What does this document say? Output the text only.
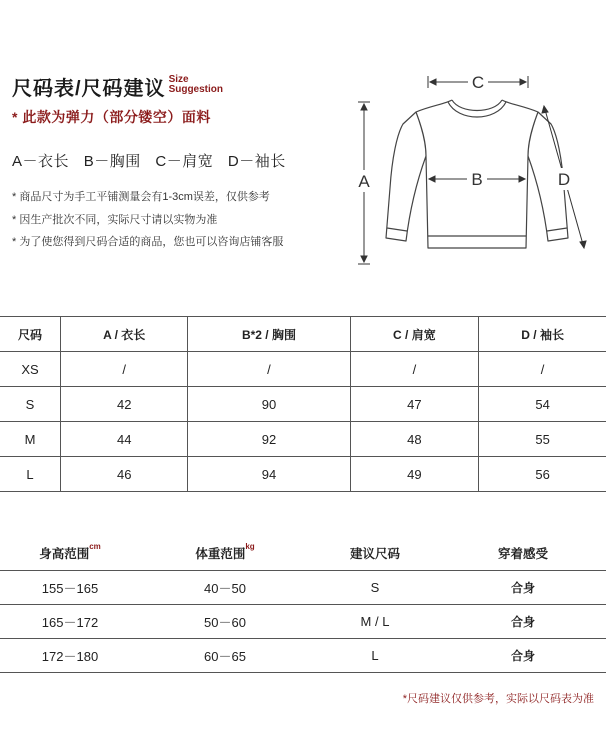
尺码表/尺码建议 Size
Suggestion
* 此款为弹力（部分镂空）面料
A－衣长 B－胸围 C－肩宽 D－袖长
* 商品尺寸为手工平铺测量会有1-3cm误差，仅供参考
* 因生产批次不同，实际尺寸请以实物为准
* 为了使您得到尺码合适的商品，您也可以咨询店铺客服
C
A	B	D
尺码	A / 衣长	B*2 / 胸围	C / 肩宽	D / 袖长
XS	/	/	/	/
S	42	90	47	54
M	44	92	48	55
L	46	94	49	56
身高范围$^{cm}$	体重范围$^{kg}$	建议尺码	穿着感受
155－165	40－50	S	合身
165－172	50－60	M / L	合身
172－180	60－65	L	合身
*尺码建议仅供参考，实际以尺码表为准
